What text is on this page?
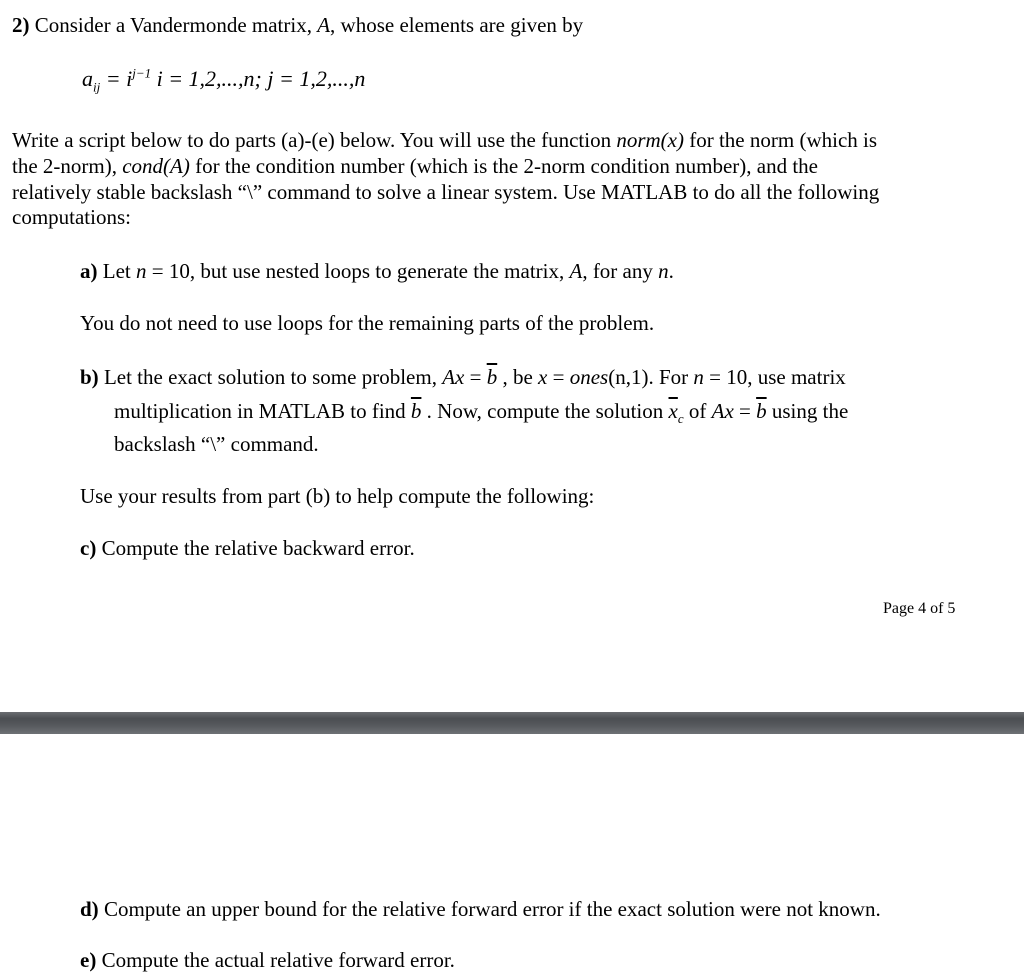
2) Consider a Vandermonde matrix, A, whose elements are given by
$a_{ij} = i^{j-1}$ i = 1,2,...,n; j = 1,2,...,n
Write a script below to do parts (a)-(e) below. You will use the function norm(x) for the norm (which is
the 2-norm), cond(A) for the condition number (which is the 2-norm condition number), and the
relatively stable backslash “\” command to solve a linear system. Use MATLAB to do all the following
computations:
a) Let n = 10, but use nested loops to generate the matrix, A, for any n.
You do not need to use loops for the remaining parts of the problem.
b) Let the exact solution to some problem, $Ax = \overline{b}$ , be x = ones(n,1). For n = 10, use matrix
multiplication in MATLAB to find $\overline{b}$ . Now, compute the solution $\overline{x}_c$ of $Ax = \overline{b}$ using the
backslash “\” command.
Use your results from part (b) to help compute the following:
c) Compute the relative backward error.
Page 4 of 5
d) Compute an upper bound for the relative forward error if the exact solution were not known.
e) Compute the actual relative forward error.
